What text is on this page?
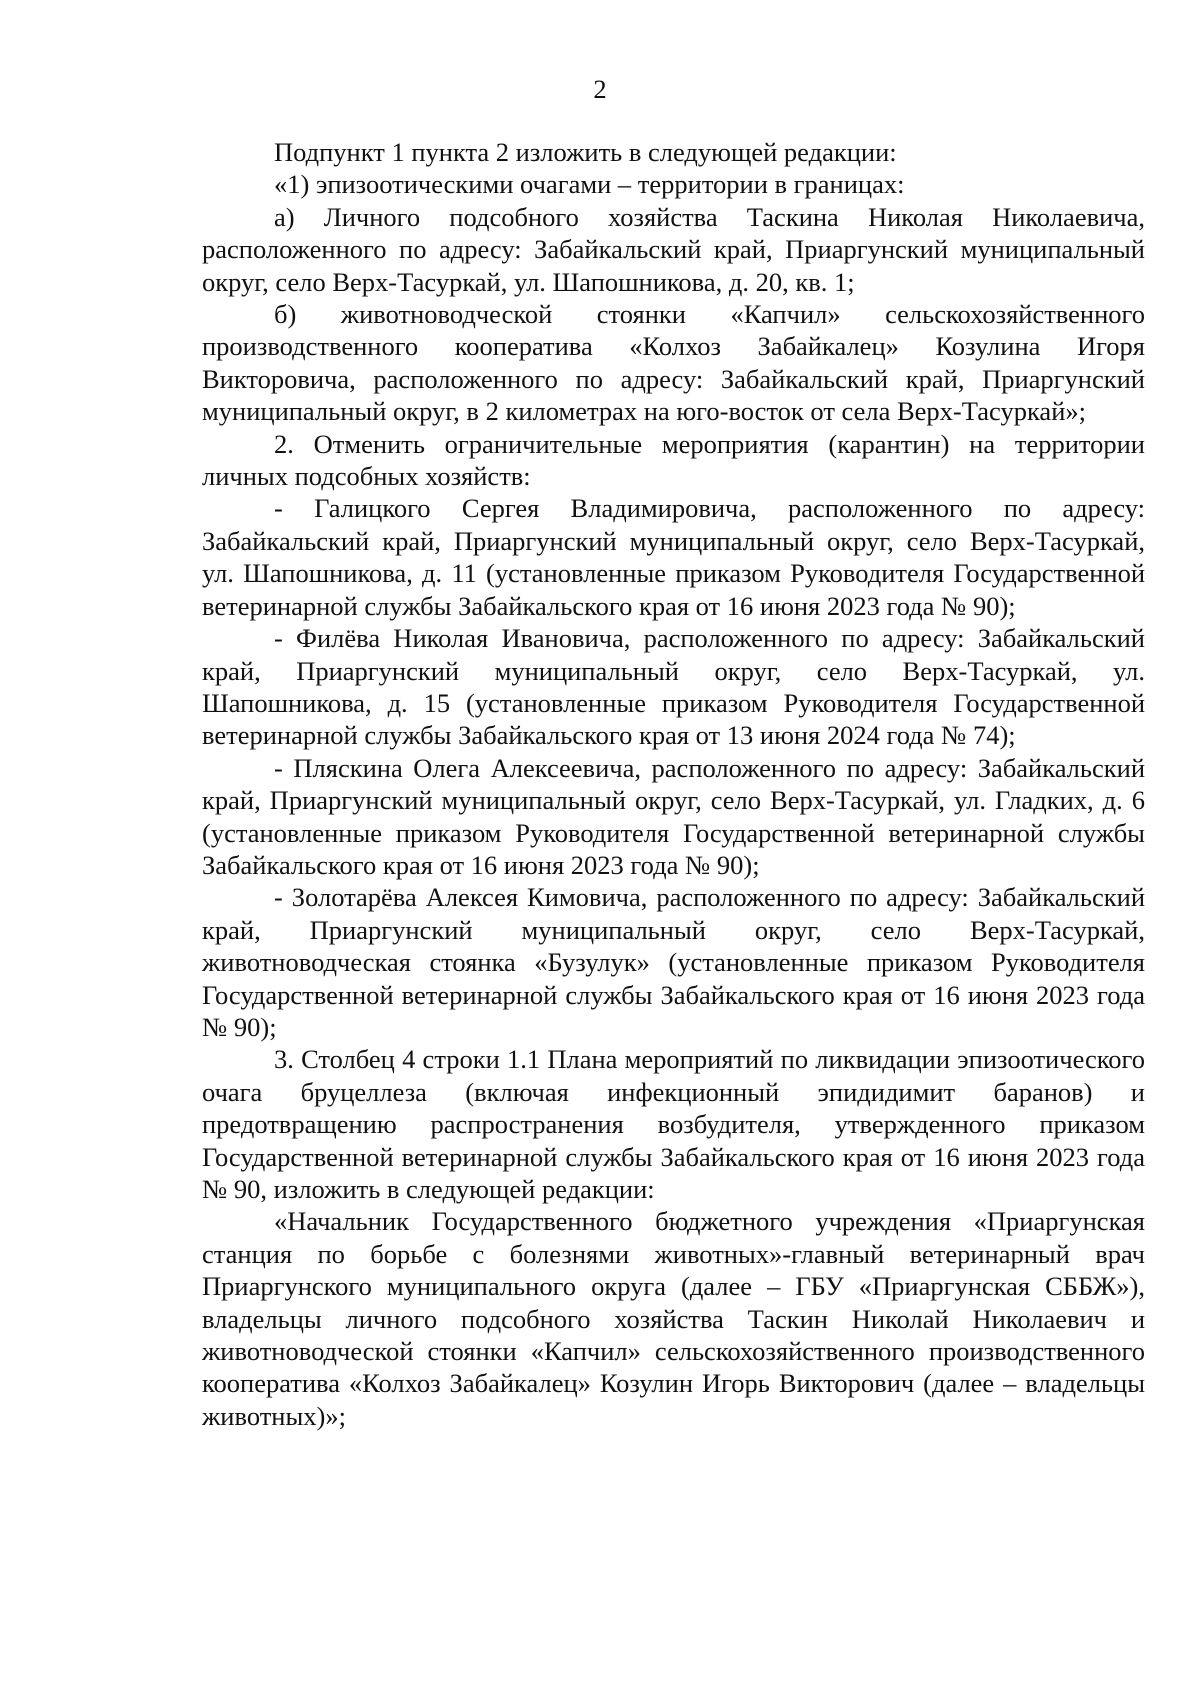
2

Подпункт 1 пункта 2 изложить в следующей редакции:

«1) эпизоотическими очагами – территории в границах:

а) Личного подсобного хозяйства Таскина Николая Николаевича, расположенного по адресу: Забайкальский край, Приаргунский муниципальный округ, село Верх-Тасуркай, ул. Шапошникова, д. 20, кв. 1;

б) животноводческой стоянки «Капчил» сельскохозяйственного производственного кооператива «Колхоз Забайкалец» Козулина Игоря Викторовича, расположенного по адресу: Забайкальский край, Приаргунский муниципальный округ, в 2 километрах на юго-восток от села Верх-Тасуркай»;

2. Отменить ограничительные мероприятия (карантин) на территории личных подсобных хозяйств:

- Галицкого Сергея Владимировича, расположенного по адресу: Забайкальский край, Приаргунский муниципальный округ, село Верх-Тасуркай, ул. Шапошникова, д. 11 (установленные приказом Руководителя Государственной ветеринарной службы Забайкальского края от 16 июня 2023 года № 90);

- Филёва Николая Ивановича, расположенного по адресу: Забайкальский край, Приаргунский муниципальный округ, село Верх-Тасуркай, ул. Шапошникова, д. 15 (установленные приказом Руководителя Государственной ветеринарной службы Забайкальского края от 13 июня 2024 года № 74);

- Пляскина Олега Алексеевича, расположенного по адресу: Забайкальский край, Приаргунский муниципальный округ, село Верх-Тасуркай, ул. Гладких, д. 6 (установленные приказом Руководителя Государственной ветеринарной службы Забайкальского края от 16 июня 2023 года № 90);

- Золотарёва Алексея Кимовича, расположенного по адресу: Забайкальский край, Приаргунский муниципальный округ, село Верх-Тасуркай, животноводческая стоянка «Бузулук» (установленные приказом Руководителя Государственной ветеринарной службы Забайкальского края от 16 июня 2023 года № 90);

3. Столбец 4 строки 1.1 Плана мероприятий по ликвидации эпизоотического очага бруцеллеза (включая инфекционный эпидидимит баранов) и предотвращению распространения возбудителя, утвержденного приказом Государственной ветеринарной службы Забайкальского края от 16 июня 2023 года № 90, изложить в следующей редакции:

«Начальник Государственного бюджетного учреждения «Приаргунская станция по борьбе с болезнями животных»-главный ветеринарный врач Приаргунского муниципального округа (далее – ГБУ «Приаргунская СББЖ»), владельцы личного подсобного хозяйства Таскин Николай Николаевич и животноводческой стоянки «Капчил» сельскохозяйственного производственного кооператива «Колхоз Забайкалец» Козулин Игорь Викторович (далее – владельцы животных)»;
